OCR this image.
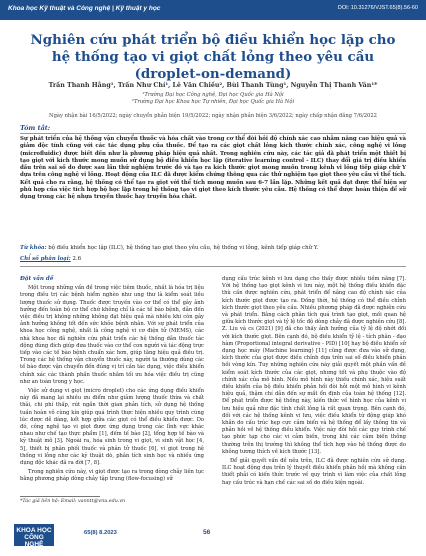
Khoa học Kỹ thuật và Công nghệ | Kỹ thuật y học	DOI: 10.31276/VJST.65(8).56-60
Nghiên cứu phát triển bộ điều khiển học lặp cho hệ thống tạo vi giọt chất lỏng theo yêu cầu (droplet-on-demand)
Trần Thanh Hằng¹, Trần Như Chí¹, Lê Văn Chiều², Bùi Thanh Tùng¹, Nguyễn Thị Thanh Vân¹*
¹Trường Đại học Công nghệ, Đại học Quốc gia Hà Nội
²Trường Đại học Khoa học Tự nhiên, Đại học Quốc gia Hà Nội
Ngày nhận bài 16/5/2022; ngày chuyển phản biện 19/5/2022; ngày nhận phản biện 3/6/2022; ngày chấp nhận đăng 7/6/2022
Tóm tắt:
Sự phát triển của hệ thống vận chuyển thuốc và hóa chất vào trong cơ thể đòi hỏi độ chính xác cao nhằm nâng cao hiệu quả và giảm độc tính cũng với các tác dụng phụ của thuốc. Để tạo ra các giọt chất lỏng kích thước chính xác, công nghệ vi lỏng (microfluidic) được biết đến như là phương pháp hiệu quả nhất. Trong nghiên cứu này, các tác giả đã phát triển một thiết bị tạo giọt với kích thước mong muốn sử dụng bộ điều khiển học lặp (iterative learning control - ILC) thay đổi giá trị điều khiển đầu trên sai số do được sau lần thử nghiệm trước đó và tạo ra kích thước giọt mong muốn trong kênh vi lỏng tiếp giáp chữ Y dựa trên công nghệ vi lỏng. Hoạt động của ILC đã được kiểm chứng thông qua các thử nghiệm tạo giọt theo yêu cầu vi thể tích. Kết quả cho ra rằng, hệ thống có thể tạo ra giọt với thể tích mong muốn sau 6-7 lần lặp. Những kết quả đạt được thể hiện sự phù hợp của việc tích hợp bộ học lặp trong hệ thống tạo vi giọt theo kích thước yêu cầu. Hệ thống có thể được hoàn thiện để sử dụng trong các hệ nhựa truyền thuốc hay truyền hóa chất.
Từ khóa: bộ điều khiển học lặp (ILC), hệ thống tạo giọt theo yêu cầu, hệ thống vi lỏng, kênh tiếp giáp chữ Y.
Chỉ số phân loại: 2.6
Đặt vấn đề

Một trong những vấn đề trong việc tiêm thuốc, nhất là hóa trị liệu trong điều trị các bệnh hiểm nghèo như ung thư là kiểm soát liều lượng thuốc sử dụng. Thuốc được truyền vào cơ thể có thể gây ảnh hưởng đến toàn bộ cơ thể chứ không chỉ là các tế bào bệnh, dẫn đến việc điều trị không những không đạt hiệu quả mà nhiều khi còn gây ảnh hưởng không tốt đến sức khỏe bệnh nhân. Với sự phát triển của khoa học công nghệ, nhất là công nghệ vi cơ điện tử (MEMS), các nhà khoa học đã nghiên cứu phát triển các hệ thống dẫn thuốc tác động đúng đích giúp đưa thuốc vào cơ thể con người và tác động trực tiếp vào các tế bào bệnh chuẩn xác hơn, giúp tăng hiệu quả điều trị. Trong các hệ thống vận chuyển thuốc này, người ta thường dùng các tế bào được vận chuyển đến đúng vị trí cần tác dụng, việc điều khiển chính xác các thành phần thuốc nhằm tối ưu hóa việc điều trị cũng như an toàn trong y học.

Việc sử dụng vi giọt (micro droplet) cho các ứng dụng điều khiển này đã mang lại nhiều ưu điểm như giảm lượng thuốc thừa và chất thải, chi phí thấp, rút ngắn thời gian phản tích, sử dụng hệ thống tuần hoàn vô cùng kín giúp quá trình thực hiện nhiều quy trình cùng lúc được dễ dàng, kết hợp giữa các giọt có thể điều khiển được. Do đó, công nghệ tạo vi giọt được ứng dụng trong các lĩnh vực khác nhau như chế tạo thực phẩm [1], đếm tế bào [2], tổng hợp tế bào và kỹ thuật mô [3]. Ngoài ra, hóa sinh trong vi giọt, vi sinh vật học [4, 5], thiết bị phân phối thuốc và phân tử thuốc [6], vi giọt trong hệ thống vi lỏng như các kỹ thuật dò, phân tích sinh học và nhiều ứng dụng độc khác đã ra đời [7, 8].

Trong nghiên cứu này, vi giọt được tạo ra trong dòng chảy liên tục bằng phương pháp dòng chảy tập trung (flow-focusing) sử

dụng cấu trúc kênh vi lưu dạng cho thấy được nhiều tiềm năng [7]. Với hệ thống tạo giọt kênh vi lưu này, một hệ thống điều khiển đặc thù cần được nghiên cứu, phát triển để nâng cao độ chính xác của kích thước giọt được tạo ra. Đồng thời, hệ thống có thể điều chỉnh kích thước giọt theo yêu cầu. Nhiều phương pháp đã được nghiên cứu và phát triển. Bằng cách phân tích quá trình tạo giọt, mối quan hệ giữa kích thước giọt và tỷ lệ tốc độ dòng chảy đã được nghiên cứu [8]. Z. Liu và cs (2021) [9] đã cho thấy ảnh hưởng của tỷ lệ độ nhớt đối với kích thước giọt. Bên cạnh đó, bộ điều khiển tỷ lệ - tích phân - đạo hàm (Proportional integral derivative - PID) [10] hay bộ điều khiển sử dụng học máy (Machine learning) [11] cũng được đưa vào sử dụng, kích thước của giọt được điều chỉnh dựa trên sai số điều khiển phản hồi vòng kín. Tuy những nghiên cứu này giải quyết một phần vấn đề kiểm soát kích thước của các giọt, nhưng tốt và phụ thuộc vào độ chính xác của mô hình. Nếu mô hình này thiếu chính xác, hiệu suất điều khiển của bộ điều khiển phản hồi đòi hỏi một mô hình vi kênh hiệu quả, thậm chí dẫn đến sự mất ổn định của toàn hệ thống [12]. Để phát triển được hệ thống này, kiến thức về hình học của kênh vi lưu hiệu quả như đặc tính chất lỏng là rất quan trọng. Bên cạnh đó, đối với các hệ thống kênh vi lưu, việc điều khiển từ động giúp khó khăn do cấu trúc hẹp cực cảm biến và hệ thống để lấy thông tin và phản hồi về hệ thống điều khiển. Việc này đòi hỏi các quy trình chế tạo phức tạp cho các vi cảm biến, trong khi các cảm biến thông thường trên thị trường thì không thể tích hợp vào hệ thống được do không tương thích về kích thước [13].

Để giải quyết vấn đề nêu trên, ILC đã được nghiên cứu sử dụng. ILC hoạt động dựa trên lý thuyết điều khiển phản hồi mà không cần thiết phải có kiến thức trước về quy trình vì làm việc của chất lỏng hay cấu trúc và hạn chế các sai số do điều kiện ngoài.

*Tác giả liên hệ: Email: vanntt@vnu.edu.vn
KHOA HỌC CÔNG NGHỆ
65(8) 8.2023	56
